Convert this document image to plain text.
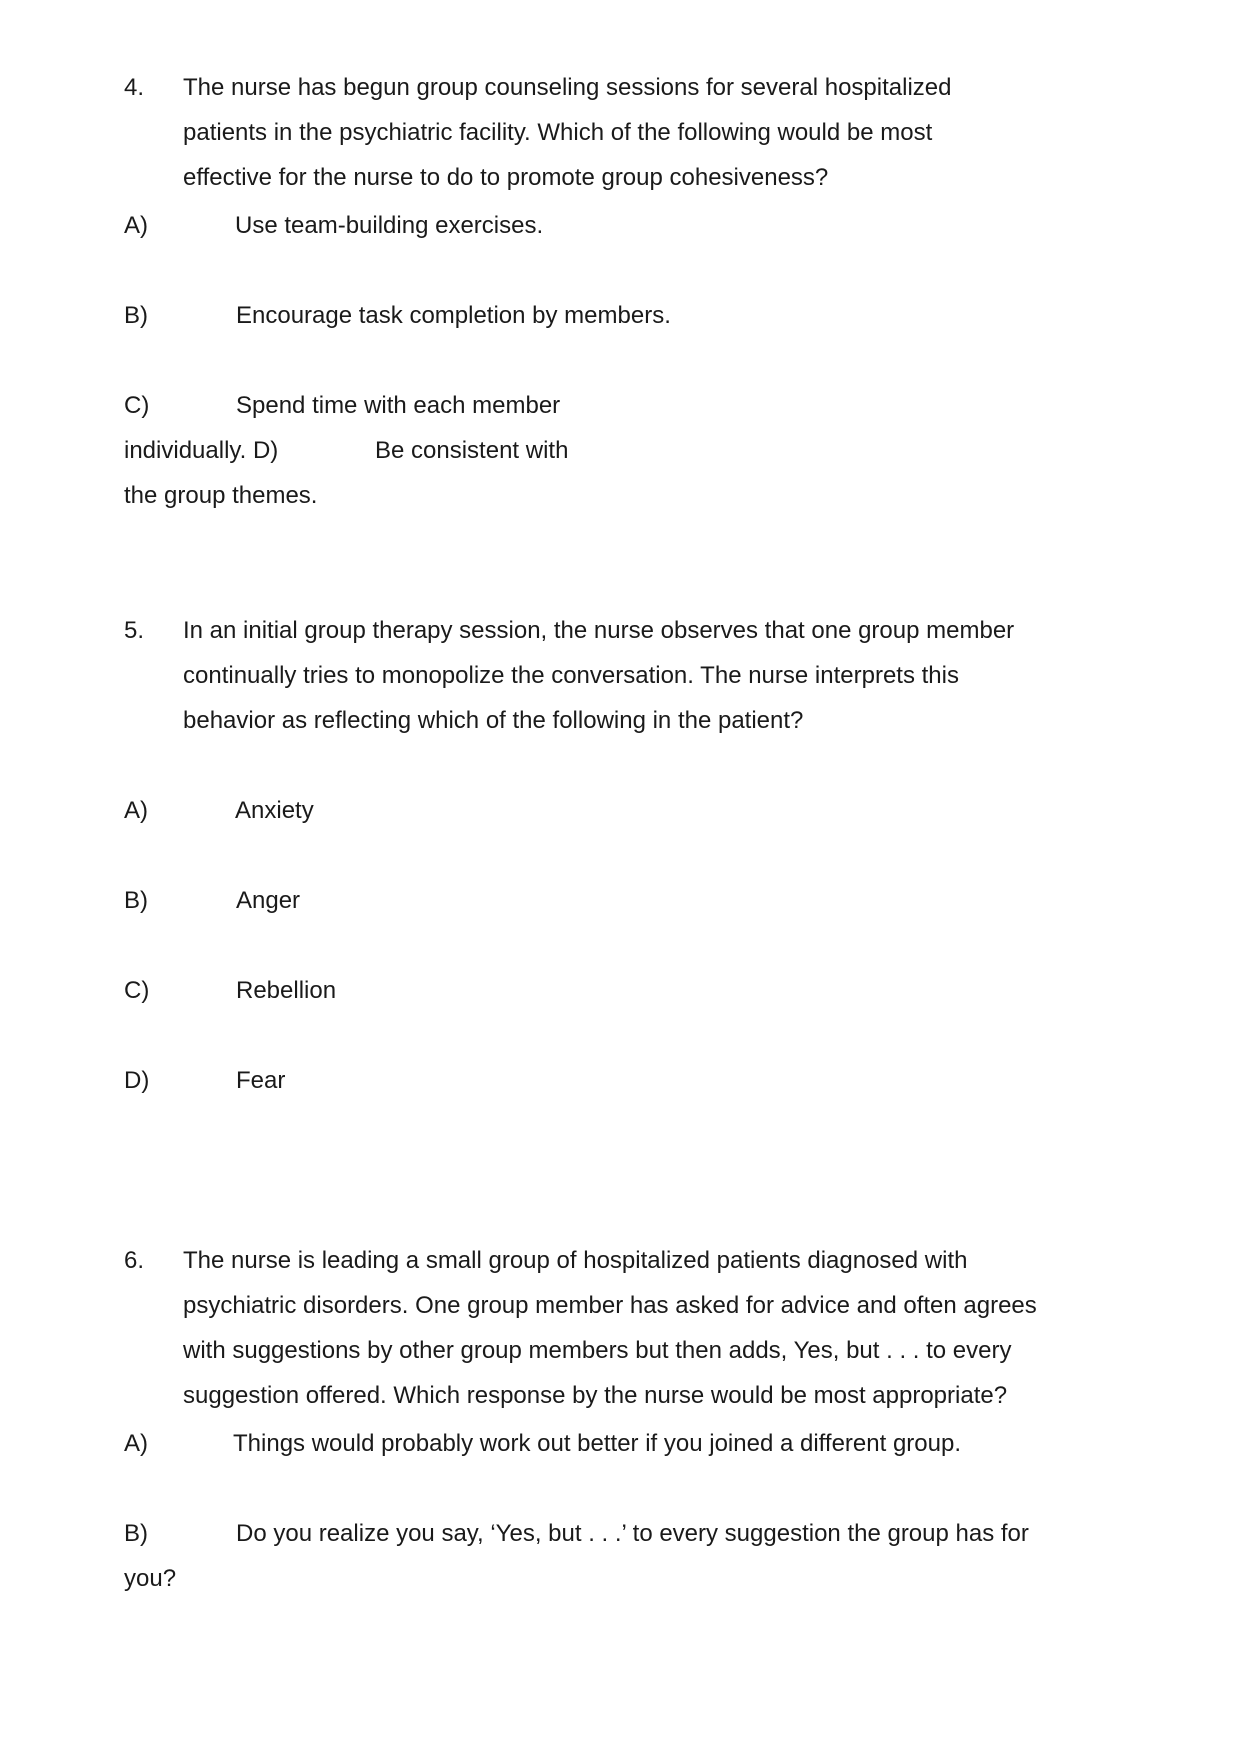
4. The nurse has begun group counseling sessions for several hospitalized
patients in the psychiatric facility. Which of the following would be most
effective for the nurse to do to promote group cohesiveness?
A)	Use team-building exercises.
B)	Encourage task completion by members.
C)	Spend time with each member
individually. D)	Be consistent with
the group themes.
5. In an initial group therapy session, the nurse observes that one group member
continually tries to monopolize the conversation. The nurse interprets this
behavior as reflecting which of the following in the patient?
A)	Anxiety
B)	Anger
C)	Rebellion
D)	Fear
6. The nurse is leading a small group of hospitalized patients diagnosed with
psychiatric disorders. One group member has asked for advice and often agrees
with suggestions by other group members but then adds, Yes, but . . . to every
suggestion offered. Which response by the nurse would be most appropriate?
A)	Things would probably work out better if you joined a different group.
B)	Do you realize you say, ‘Yes, but . . .’ to every suggestion the group has for
you?
